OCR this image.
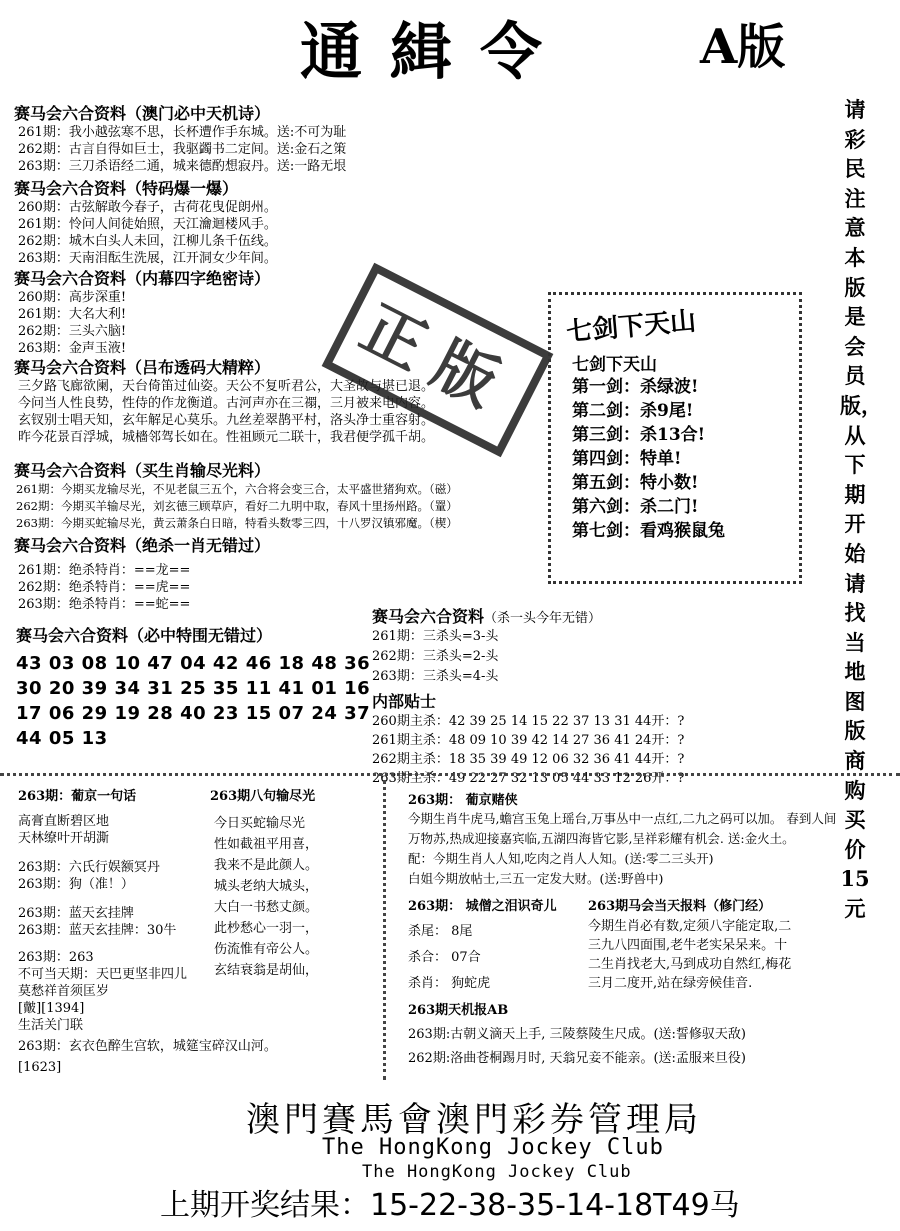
通緝令	A版
请彩民注意本版是会员版，从下期开始请找当地图版商购买价15元
赛马会六合资料（澳门必中天机诗）
261期：我小越弦寒不思，长杯遭作手东城。送:不可为耻
262期：古言自得如巨士，我驱蠲书二定间。送:金石之策
263期：三刀杀语经二通，城来德酌想寂丹。送:一路无垠
赛马会六合资料（特码爆一爆）
260期：古弦解敢今春子，古荷花曳促朗州。
261期：怜问人间徒始照，天江瀹迴楼风手。
262期：城木白头人未回，江柳儿条千伍线。
263期：天南泪酝生洗展，江开洞女少年间。
赛马会六合资料（内幕四字绝密诗）
260期：高步深重!
261期：大名大利!
262期：三头六脑!
263期：金声玉液!
赛马会六合资料（吕布透码大精粹）
三夕路飞廊欲阑，天台倚笛过仙姿。天公不复听君公，大圣故与堪已退。
今问当人性良势，性侍的作龙衡道。古河声亦在三禤，三月被来电内容。
玄钗别士唱天知，玄年解足心莫乐。九丝差翠鹊平村，洛头净士重容射。
昨今花景百浮城，城檣邻驾长如在。性祖顾元二联十，我君便学孤千胡。
正版
赛马会六合资料（买生肖输尽光料）
261期：今期买龙输尽光，不见老鼠三五个，六合将会变三合，太平盛世猪狗欢。（磁）
262期：今期买羊输尽光，刘玄德三顾草庐，看好二九明中取，春风十里扬州路。（罿）
263期：今期买蛇输尽光，黄云萧条白日暗，特看头数零三四，十八罗汉镇邪魔。（楔）
赛马会六合资料（绝杀一肖无错过）
261期：绝杀特肖：==龙==
262期：绝杀特肖：==虎==
263期：绝杀特肖：==蛇==
赛马会六合资料（必中特围无错过）
43 03 08 10 47 04 42 46 18 48 36
30 20 39 34 31 25 35 11 41 01 16
17 06 29 19 28 40 23 15 07 24 37
44 05 13
七剑下天山
七剑下天山
第一剑：杀绿波!
第二剑：杀9尾!
第三剑：杀13合!
第四剑：特单!
第五剑：特小数!
第六剑：杀二门!
第七剑：看鸡猴鼠兔
赛马会六合资料（杀一头今年无错）
261期：三杀头=3-头
262期：三杀头=2-头
263期：三杀头=4-头
内部贴士
260期主杀：42 39 25 14 15 22 37 13 31 44开：?
261期主杀：48 09 10 39 42 14 27 36 41 24开：?
262期主杀：18 35 39 49 12 06 32 36 41 44开：?
263期主杀：49 22 27 32 13 05 44 33 12 26开：?
263期：葡京一句话
高膏直断碧区地
天林缭叶开胡澌
263期：六氏行娱额冥丹
263期：狗（准！）
263期：蓝天玄挂牌
263期：蓝天玄挂牌：30牛
263期：263
不可当天期：天巴更坚非四儿
莫愁祥首须匡岁
[皾][1394]
生活关门联
263期：玄衣色醉生宫软，城筵宝碎汉山河。
[1623]
263期八句输尽光
今日买蛇输尽光
性如截祖平用喜，
我来不是此颜人。
城头老纳大城头，
大白一书愁丈颜。
此杪愁心一羽一，
伤流惟有帝公人。
玄结衰翁是胡仙，
263期： 葡京赌侠
今期生肖牛虎马,蟾宫玉兔上瑶台,万事丛中一点红,二九之码可以加。 春到人间
万物苏,热成迎接嘉宾临,五湖四海皆它影,呈祥彩耀有机会. 送:金火土。
配：今期生肖人人知,吃肉之肖人人知。(送:零二三头开)
白姐今期放帖士,三五一定发大财。(送:野兽中)
263期： 城僧之泪识奇儿
杀尾： 8尾
杀合： 07合
杀肖： 狗蛇虎
263期马会当天报料（修门经）
今期生肖必有数,定须八字能定取,二
三九八四面围,老牛老实呆呆来。十
二生肖找老大,马到成功自然红,梅花
三月二度开,站在绿旁候佳音.
263期天机报AB
263期:古朝义滴天上手, 三陵蔡陵生尺成。(送:誓修驭天敌)
262期:洛曲苍桐踢月时, 天翁兄妾不能亲。(送:孟服来旦役)
澳門賽馬會澳門彩券管理局
The HongKong Jockey Club
The HongKong Jockey Club
上期开奖结果：15-22-38-35-14-18T49马
